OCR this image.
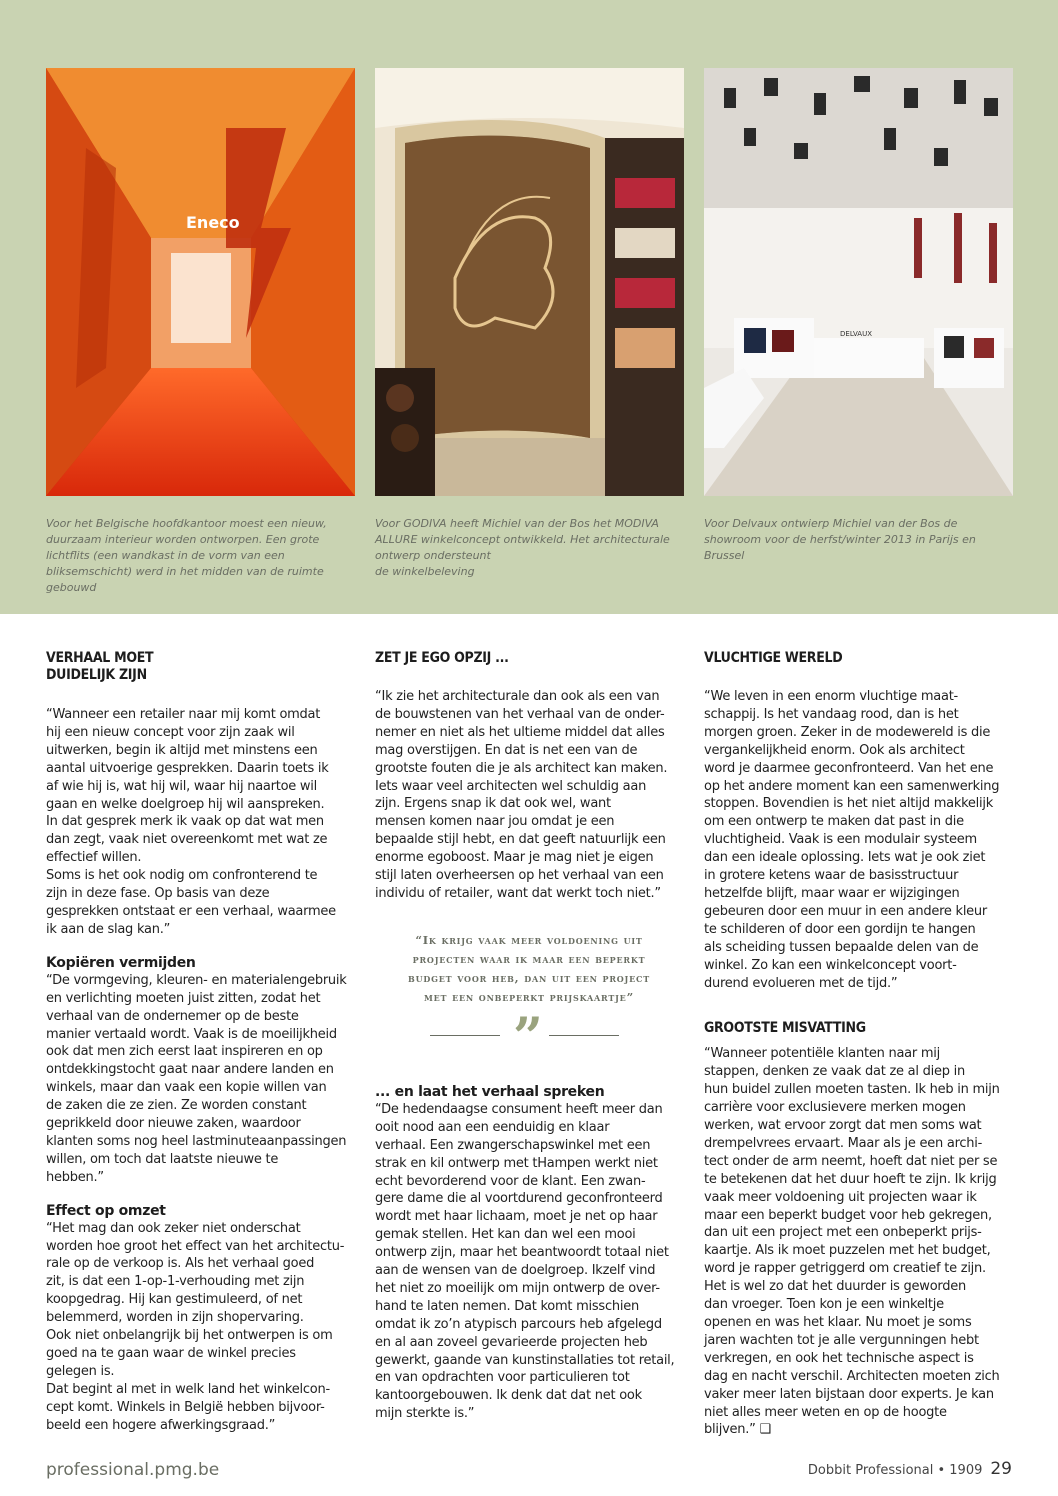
Eneco
DELVAUX
Voor het Belgische hoofdkantoor moest een nieuw,
duurzaam interieur worden ontworpen. Een grote
lichtflits (een wandkast in de vorm van een
bliksemschicht) werd in het midden van de ruimte
gebouwd
Voor GODIVA heeft Michiel van der Bos het MODIVA
ALLURE winkelconcept ontwikkeld. Het architecturale
ontwerp ondersteunt
de winkelbeleving
Voor Delvaux ontwierp Michiel van der Bos de
showroom voor de herfst/winter 2013 in Parijs en
Brussel
VERHAAL MOET
DUIDELIJK ZIJN
“Wanneer een retailer naar mij komt omdat
hij een nieuw concept voor zijn zaak wil
uitwerken, begin ik altijd met minstens een
aantal uitvoerige gesprekken. Daarin toets ik
af wie hij is, wat hij wil, waar hij naartoe wil
gaan en welke doelgroep hij wil aanspreken.
In dat gesprek merk ik vaak op dat wat men
dan zegt, vaak niet overeenkomt met wat ze
effectief willen.
Soms is het ook nodig om confronterend te
zijn in deze fase. Op basis van deze
gesprekken ontstaat er een verhaal, waarmee
ik aan de slag kan.”
Kopiëren vermijden
“De vormgeving, kleuren- en materialengebruik
en verlichting moeten juist zitten, zodat het
verhaal van de ondernemer op de beste
manier vertaald wordt. Vaak is de moeilijkheid
ook dat men zich eerst laat inspireren en op
ontdekkingstocht gaat naar andere landen en
winkels, maar dan vaak een kopie willen van
de zaken die ze zien. Ze worden constant
geprikkeld door nieuwe zaken, waardoor
klanten soms nog heel lastminuteaanpassingen
willen, om toch dat laatste nieuwe te
hebben.”
Effect op omzet
“Het mag dan ook zeker niet onderschat
worden hoe groot het effect van het architectu-
rale op de verkoop is. Als het verhaal goed
zit, is dat een 1-op-1-verhouding met zijn
koopgedrag. Hij kan gestimuleerd, of net
belemmerd, worden in zijn shopervaring.
Ook niet onbelangrijk bij het ontwerpen is om
goed na te gaan waar de winkel precies
gelegen is.
Dat begint al met in welk land het winkelcon-
cept komt. Winkels in België hebben bijvoor-
beeld een hogere afwerkingsgraad.”
ZET JE EGO OPZIJ ...
“Ik zie het architecturale dan ook als een van
de bouwstenen van het verhaal van de onder-
nemer en niet als het ultieme middel dat alles
mag overstijgen. En dat is net een van de
grootste fouten die je als architect kan maken.
Iets waar veel architecten wel schuldig aan
zijn. Ergens snap ik dat ook wel, want
mensen komen naar jou omdat je een
bepaalde stijl hebt, en dat geeft natuurlijk een
enorme egoboost. Maar je mag niet je eigen
stijl laten overheersen op het verhaal van een
individu of retailer, want dat werkt toch niet.”
“Ik krijg vaak meer voldoening uit
projecten waar ik maar een beperkt
budget voor heb, dan uit een project
met een onbeperkt prijskaartje”
”
... en laat het verhaal spreken
“De hedendaagse consument heeft meer dan
ooit nood aan een eenduidig en klaar
verhaal. Een zwangerschapswinkel met een
strak en kil ontwerp met tHampen werkt niet
echt bevorderend voor de klant. Een zwan-
gere dame die al voortdurend geconfronteerd
wordt met haar lichaam, moet je net op haar
gemak stellen. Het kan dan wel een mooi
ontwerp zijn, maar het beantwoordt totaal niet
aan de wensen van de doelgroep. Ikzelf vind
het niet zo moeilijk om mijn ontwerp de over-
hand te laten nemen. Dat komt misschien
omdat ik zo’n atypisch parcours heb afgelegd
en al aan zoveel gevarieerde projecten heb
gewerkt, gaande van kunstinstallaties tot retail,
en van opdrachten voor particulieren tot
kantoorgebouwen. Ik denk dat dat net ook
mijn sterkte is.”
VLUCHTIGE WERELD
“We leven in een enorm vluchtige maat-
schappij. Is het vandaag rood, dan is het
morgen groen. Zeker in de modewereld is die
vergankelijkheid enorm. Ook als architect
word je daarmee geconfronteerd. Van het ene
op het andere moment kan een samenwerking
stoppen. Bovendien is het niet altijd makkelijk
om een ontwerp te maken dat past in die
vluchtigheid. Vaak is een modulair systeem
dan een ideale oplossing. Iets wat je ook ziet
in grotere ketens waar de basisstructuur
hetzelfde blijft, maar waar er wijzigingen
gebeuren door een muur in een andere kleur
te schilderen of door een gordijn te hangen
als scheiding tussen bepaalde delen van de
winkel. Zo kan een winkelconcept voort-
durend evolueren met de tijd.”
GROOTSTE MISVATTING
“Wanneer potentiële klanten naar mij
stappen, denken ze vaak dat ze al diep in
hun buidel zullen moeten tasten. Ik heb in mijn
carrière voor exclusievere merken mogen
werken, wat ervoor zorgt dat men soms wat
drempelvrees ervaart. Maar als je een archi-
tect onder de arm neemt, hoeft dat niet per se
te betekenen dat het duur hoeft te zijn. Ik krijg
vaak meer voldoening uit projecten waar ik
maar een beperkt budget voor heb gekregen,
dan uit een project met een onbeperkt prijs-
kaartje. Als ik moet puzzelen met het budget,
word je rapper getriggerd om creatief te zijn.
Het is wel zo dat het duurder is geworden
dan vroeger. Toen kon je een winkeltje
openen en was het klaar. Nu moet je soms
jaren wachten tot je alle vergunningen hebt
verkregen, en ook het technische aspect is
dag en nacht verschil. Architecten moeten zich
vaker meer laten bijstaan door experts. Je kan
niet alles meer weten en op de hoogte
blijven.” ❑
professional.pmg.be	Dobbit Professional • 1909 29
